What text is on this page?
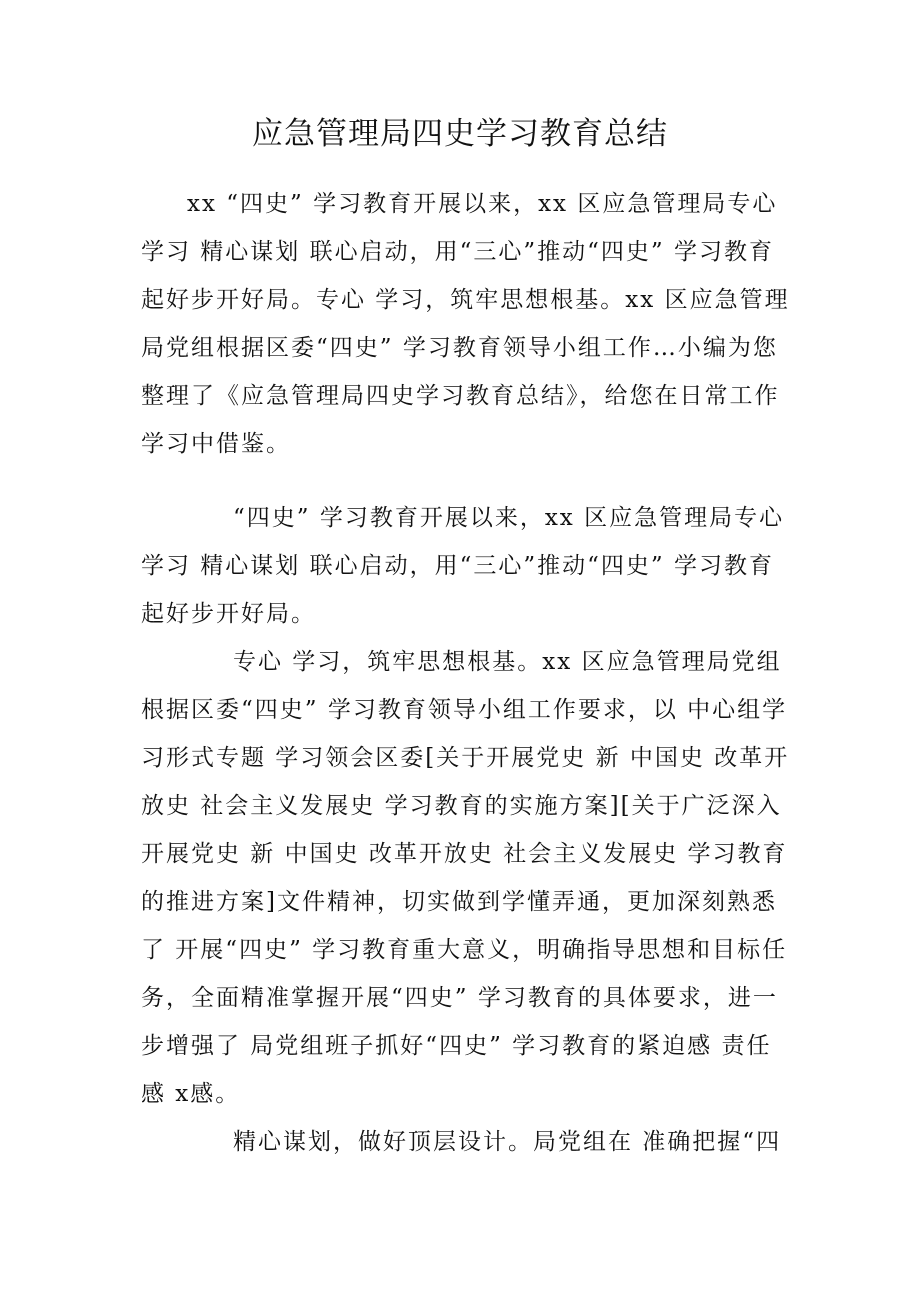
应急管理局四史学习教育总结

xx “四史” 学习教育开展以来，xx 区应急管理局专心学习 精心谋划 联心启动，用“三心”推动“四史” 学习教育起好步开好局。专心 学习，筑牢思想根基。xx 区应急管理局党组根据区委“四史” 学习教育领导小组工作…小编为您整理了《应急管理局四史学习教育总结》，给您在日常工作学习中借鉴。

“四史” 学习教育开展以来，xx 区应急管理局专心 学习 精心谋划 联心启动，用“三心”推动“四史” 学习教育起好步开好局。

专心 学习，筑牢思想根基。xx 区应急管理局党组根据区委“四史” 学习教育领导小组工作要求，以 中心组学习形式专题 学习领会区委[关于开展党史 新 中国史 改革开放史 社会主义发展史 学习教育的实施方案][关于广泛深入开展党史 新 中国史 改革开放史 社会主义发展史 学习教育的推进方案]文件精神，切实做到学懂弄通，更加深刻熟悉了 开展“四史” 学习教育重大意义，明确指导思想和目标任务，全面精准掌握开展“四史” 学习教育的具体要求，进一步增强了 局党组班子抓好“四史” 学习教育的紧迫感 责任感 x感。

精心谋划，做好顶层设计。局党组在 准确把握“四
